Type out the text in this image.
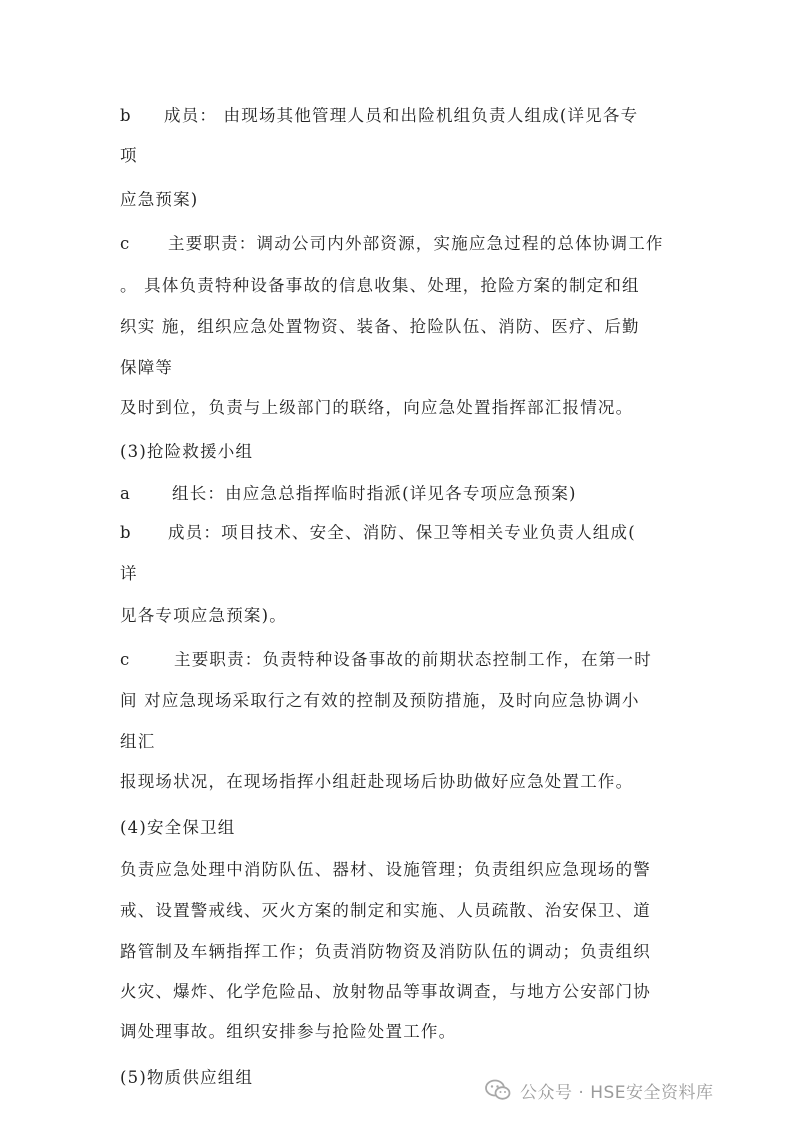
b 成员： 由现场其他管理人员和出险机组负责人组成(详见各专
项
应急预案)
c 主要职责：调动公司内外部资源，实施应急过程的总体协调工作
。 具体负责特种设备事故的信息收集、处理，抢险方案的制定和组
织实 施，组织应急处置物资、装备、抢险队伍、消防、医疗、后勤
保障等
及时到位，负责与上级部门的联络，向应急处置指挥部汇报情况。
(3)抢险救援小组
a 组长：由应急总指挥临时指派(详见各专项应急预案)
b 成员：项目技术、安全、消防、保卫等相关专业负责人组成(
详
见各专项应急预案)。
c	主要职责：负责特种设备事故的前期状态控制工作，在第一时
间 对应急现场采取行之有效的控制及预防措施，及时向应急协调小
组汇
报现场状况，在现场指挥小组赶赴现场后协助做好应急处置工作。
(4)安全保卫组
负责应急处理中消防队伍、器材、设施管理；负责组织应急现场的警
戒、设置警戒线、灭火方案的制定和实施、人员疏散、治安保卫、道
路管制及车辆指挥工作；负责消防物资及消防队伍的调动；负责组织
火灾、爆炸、化学危险品、放射物品等事故调查，与地方公安部门协
调处理事故。组织安排参与抢险处置工作。
(5)物质供应组组
公众号 · HSE安全资料库
